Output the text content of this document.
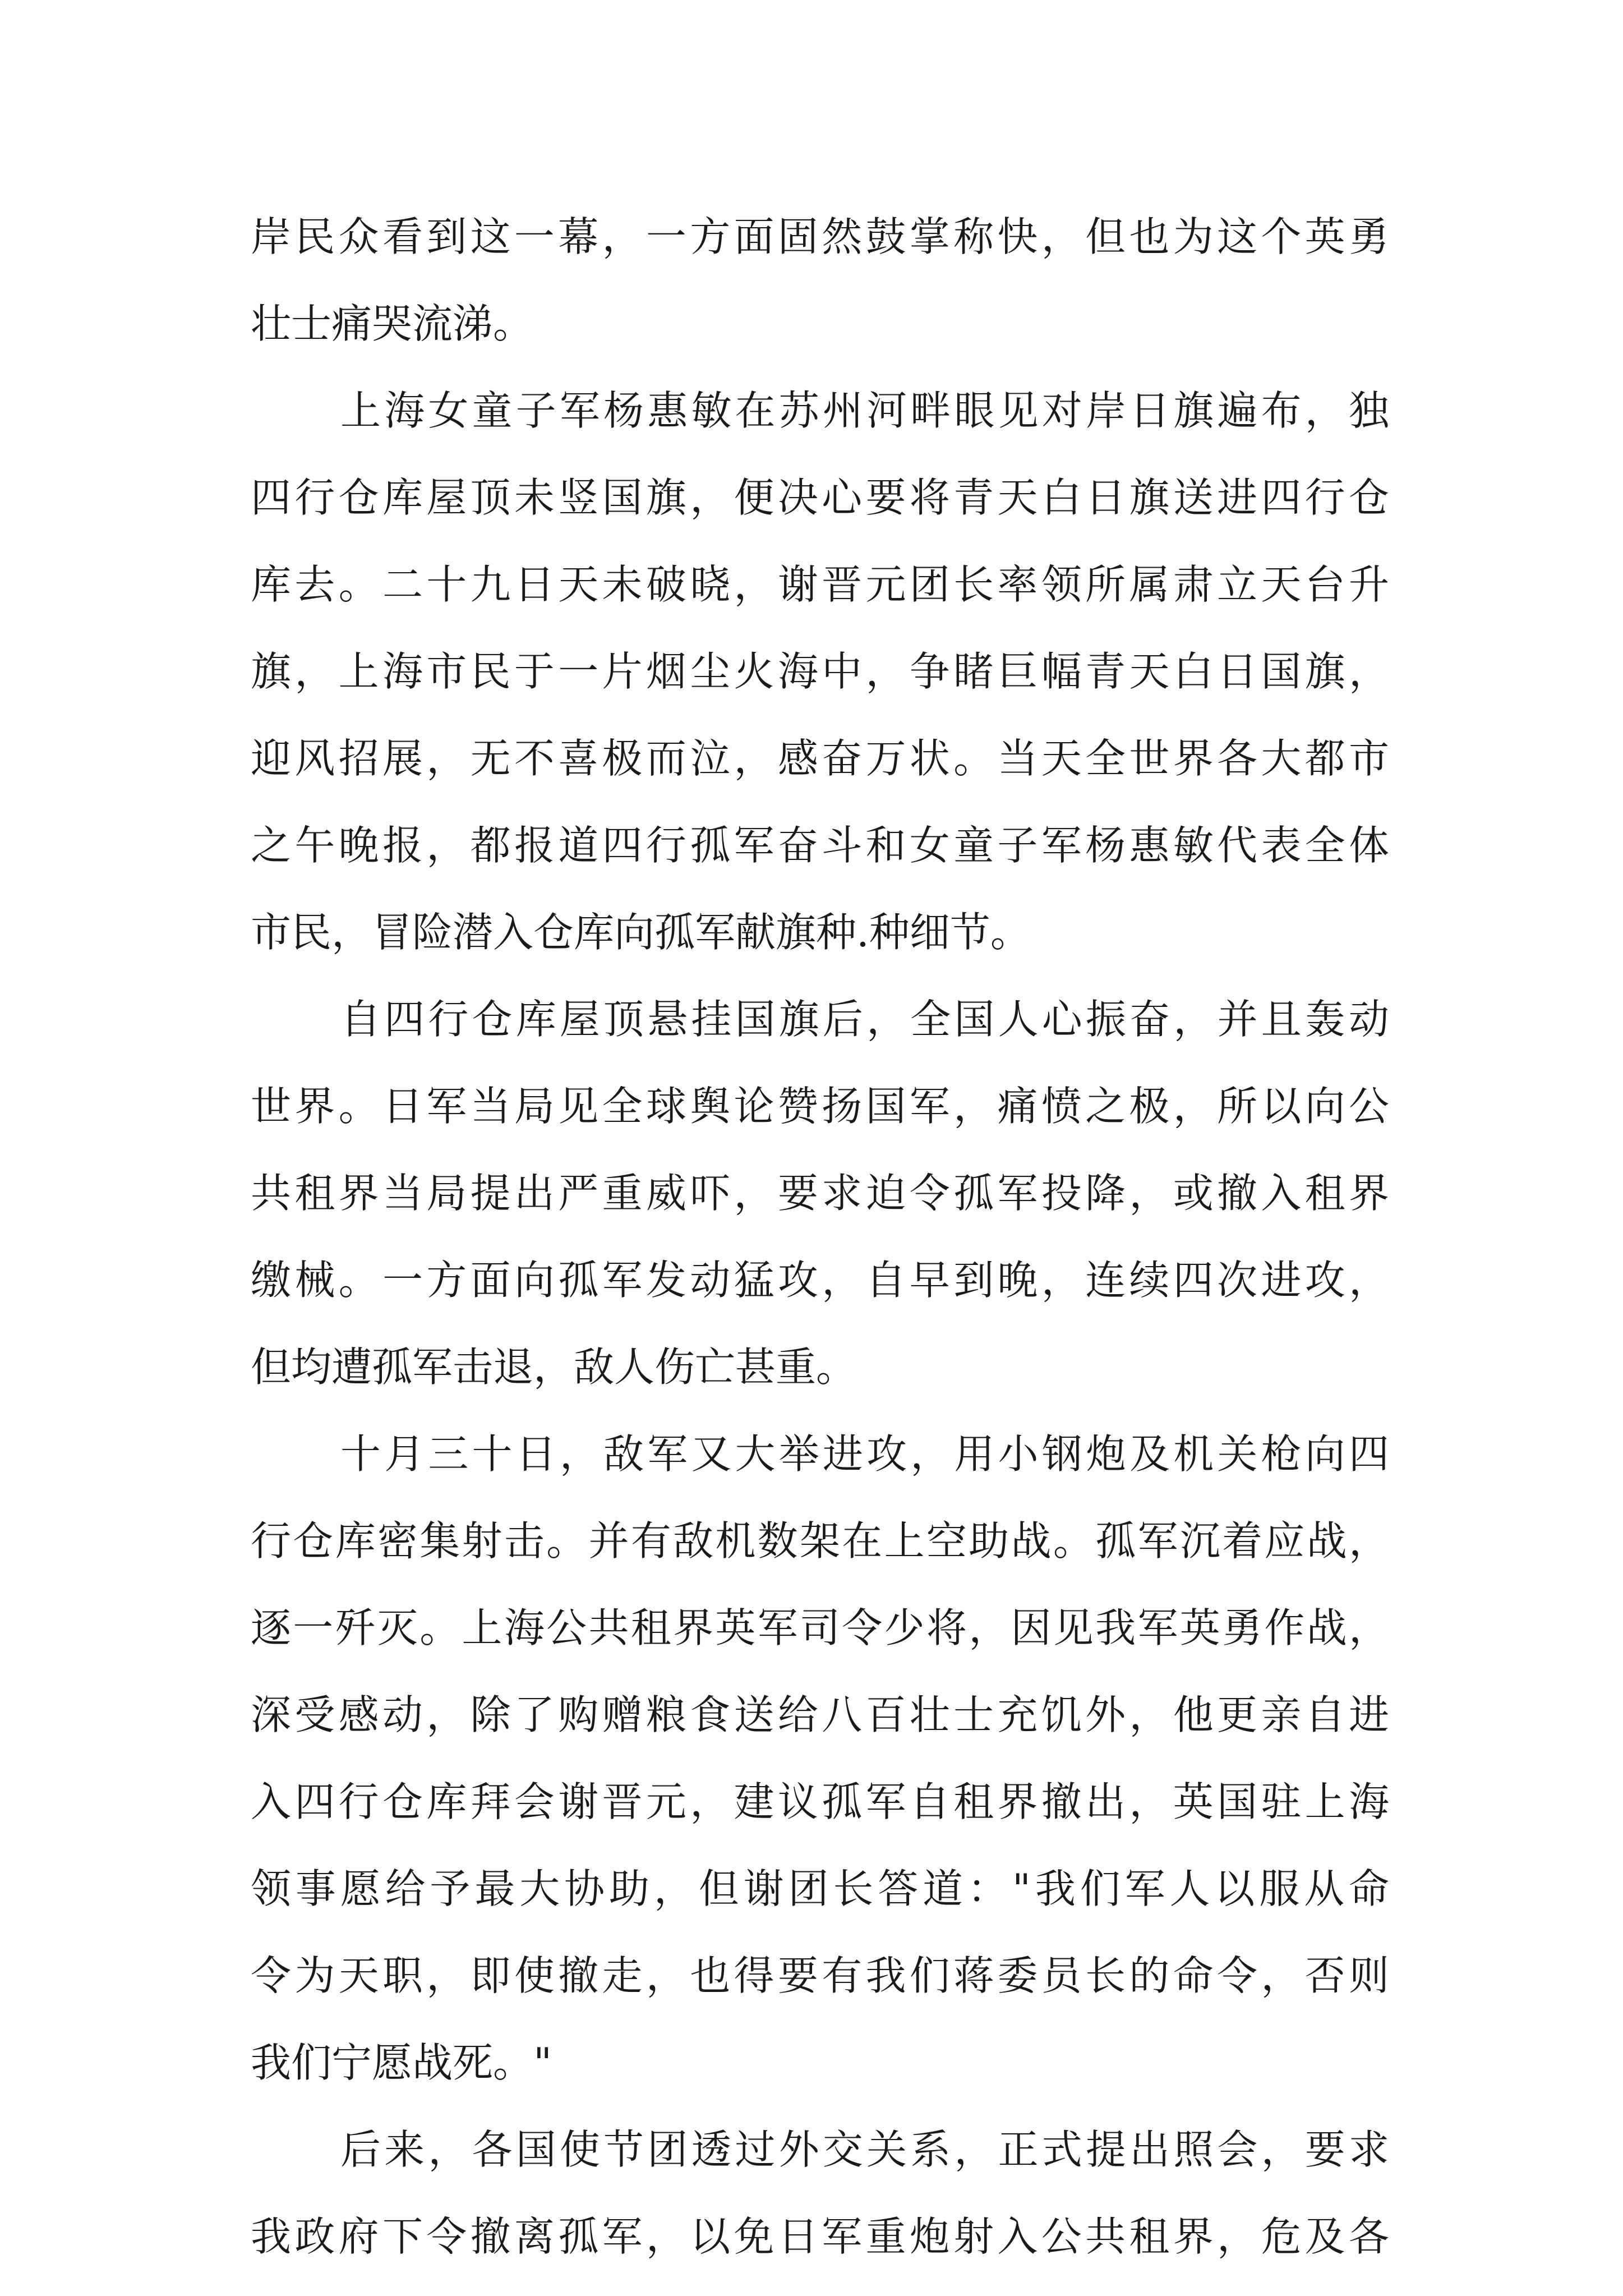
岸民众看到这一幕，一方面固然鼓掌称快，但也为这个英勇
壮士痛哭流涕。
上海女童子军杨惠敏在苏州河畔眼见对岸日旗遍布，独
四行仓库屋顶未竖国旗，便决心要将青天白日旗送进四行仓
库去。二十九日天未破晓，谢晋元团长率领所属肃立天台升
旗，上海市民于一片烟尘火海中，争睹巨幅青天白日国旗，
迎风招展，无不喜极而泣，感奋万状。当天全世界各大都市
之午晚报，都报道四行孤军奋斗和女童子军杨惠敏代表全体
市民，冒险潜入仓库向孤军献旗种.种细节。
自四行仓库屋顶悬挂国旗后，全国人心振奋，并且轰动
世界。日军当局见全球舆论赞扬国军，痛愤之极，所以向公
共租界当局提出严重威吓，要求迫令孤军投降，或撤入租界
缴械。一方面向孤军发动猛攻，自早到晚，连续四次进攻，
但均遭孤军击退，敌人伤亡甚重。
十月三十日，敌军又大举进攻，用小钢炮及机关枪向四
行仓库密集射击。并有敌机数架在上空助战。孤军沉着应战，
逐一歼灭。上海公共租界英军司令少将，因见我军英勇作战，
深受感动，除了购赠粮食送给八百壮士充饥外，他更亲自进
入四行仓库拜会谢晋元，建议孤军自租界撤出，英国驻上海
领事愿给予最大协助，但谢团长答道："我们军人以服从命
令为天职，即使撤走，也得要有我们蒋委员长的命令，否则
我们宁愿战死。"
后来，各国使节团透过外交关系，正式提出照会，要求
我政府下令撤离孤军，以免日军重炮射入公共租界，危及各
